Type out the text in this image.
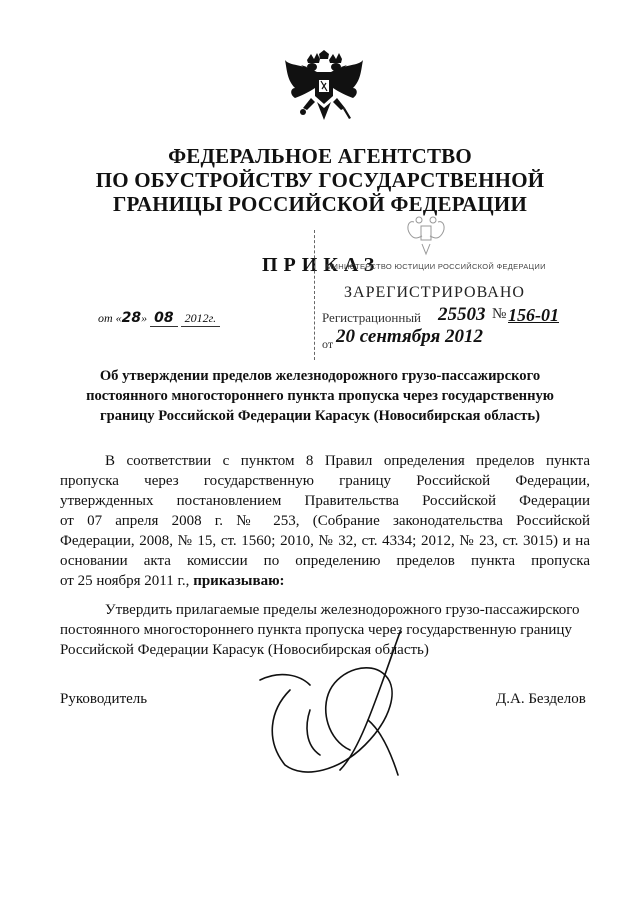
ФЕДЕРАЛЬНОЕ АГЕНТСТВО
ПО ОБУСТРОЙСТВУ ГОСУДАРСТВЕННОЙ
ГРАНИЦЫ РОССИЙСКОЙ ФЕДЕРАЦИИ
ПРИКАЗ
МИНИСТЕРСТВО ЮСТИЦИИ РОССИЙСКОЙ ФЕДЕРАЦИИ
ЗАРЕГИСТРИРОВАНО
Регистрационный 25503 № 156-01
от 20 сентября 2012
от «28» 08 2012г.
Об утверждении пределов железнодорожного грузо-пассажирского
постоянного многостороннего пункта пропуска через государственную
границу Российской Федерации Карасук (Новосибирская область)
В соответствии с пунктом 8 Правил определения пределов пункта
пропуска через государственную границу Российской Федерации,
утвержденных постановлением Правительства Российской Федерации
от 07 апреля 2008 г. № 253, (Собрание законодательства Российской
Федерации, 2008, № 15, ст. 1560; 2010, № 32, ст. 4334; 2012, № 23, ст. 3015) и на
основании акта комиссии по определению пределов пункта пропуска
от 25 ноября 2011 г., приказываю:
Утвердить прилагаемые пределы железнодорожного грузо-пассажирского
постоянного многостороннего пункта пропуска через государственную границу
Российской Федерации Карасук (Новосибирская область)
Руководитель	Д.А. Безделов
